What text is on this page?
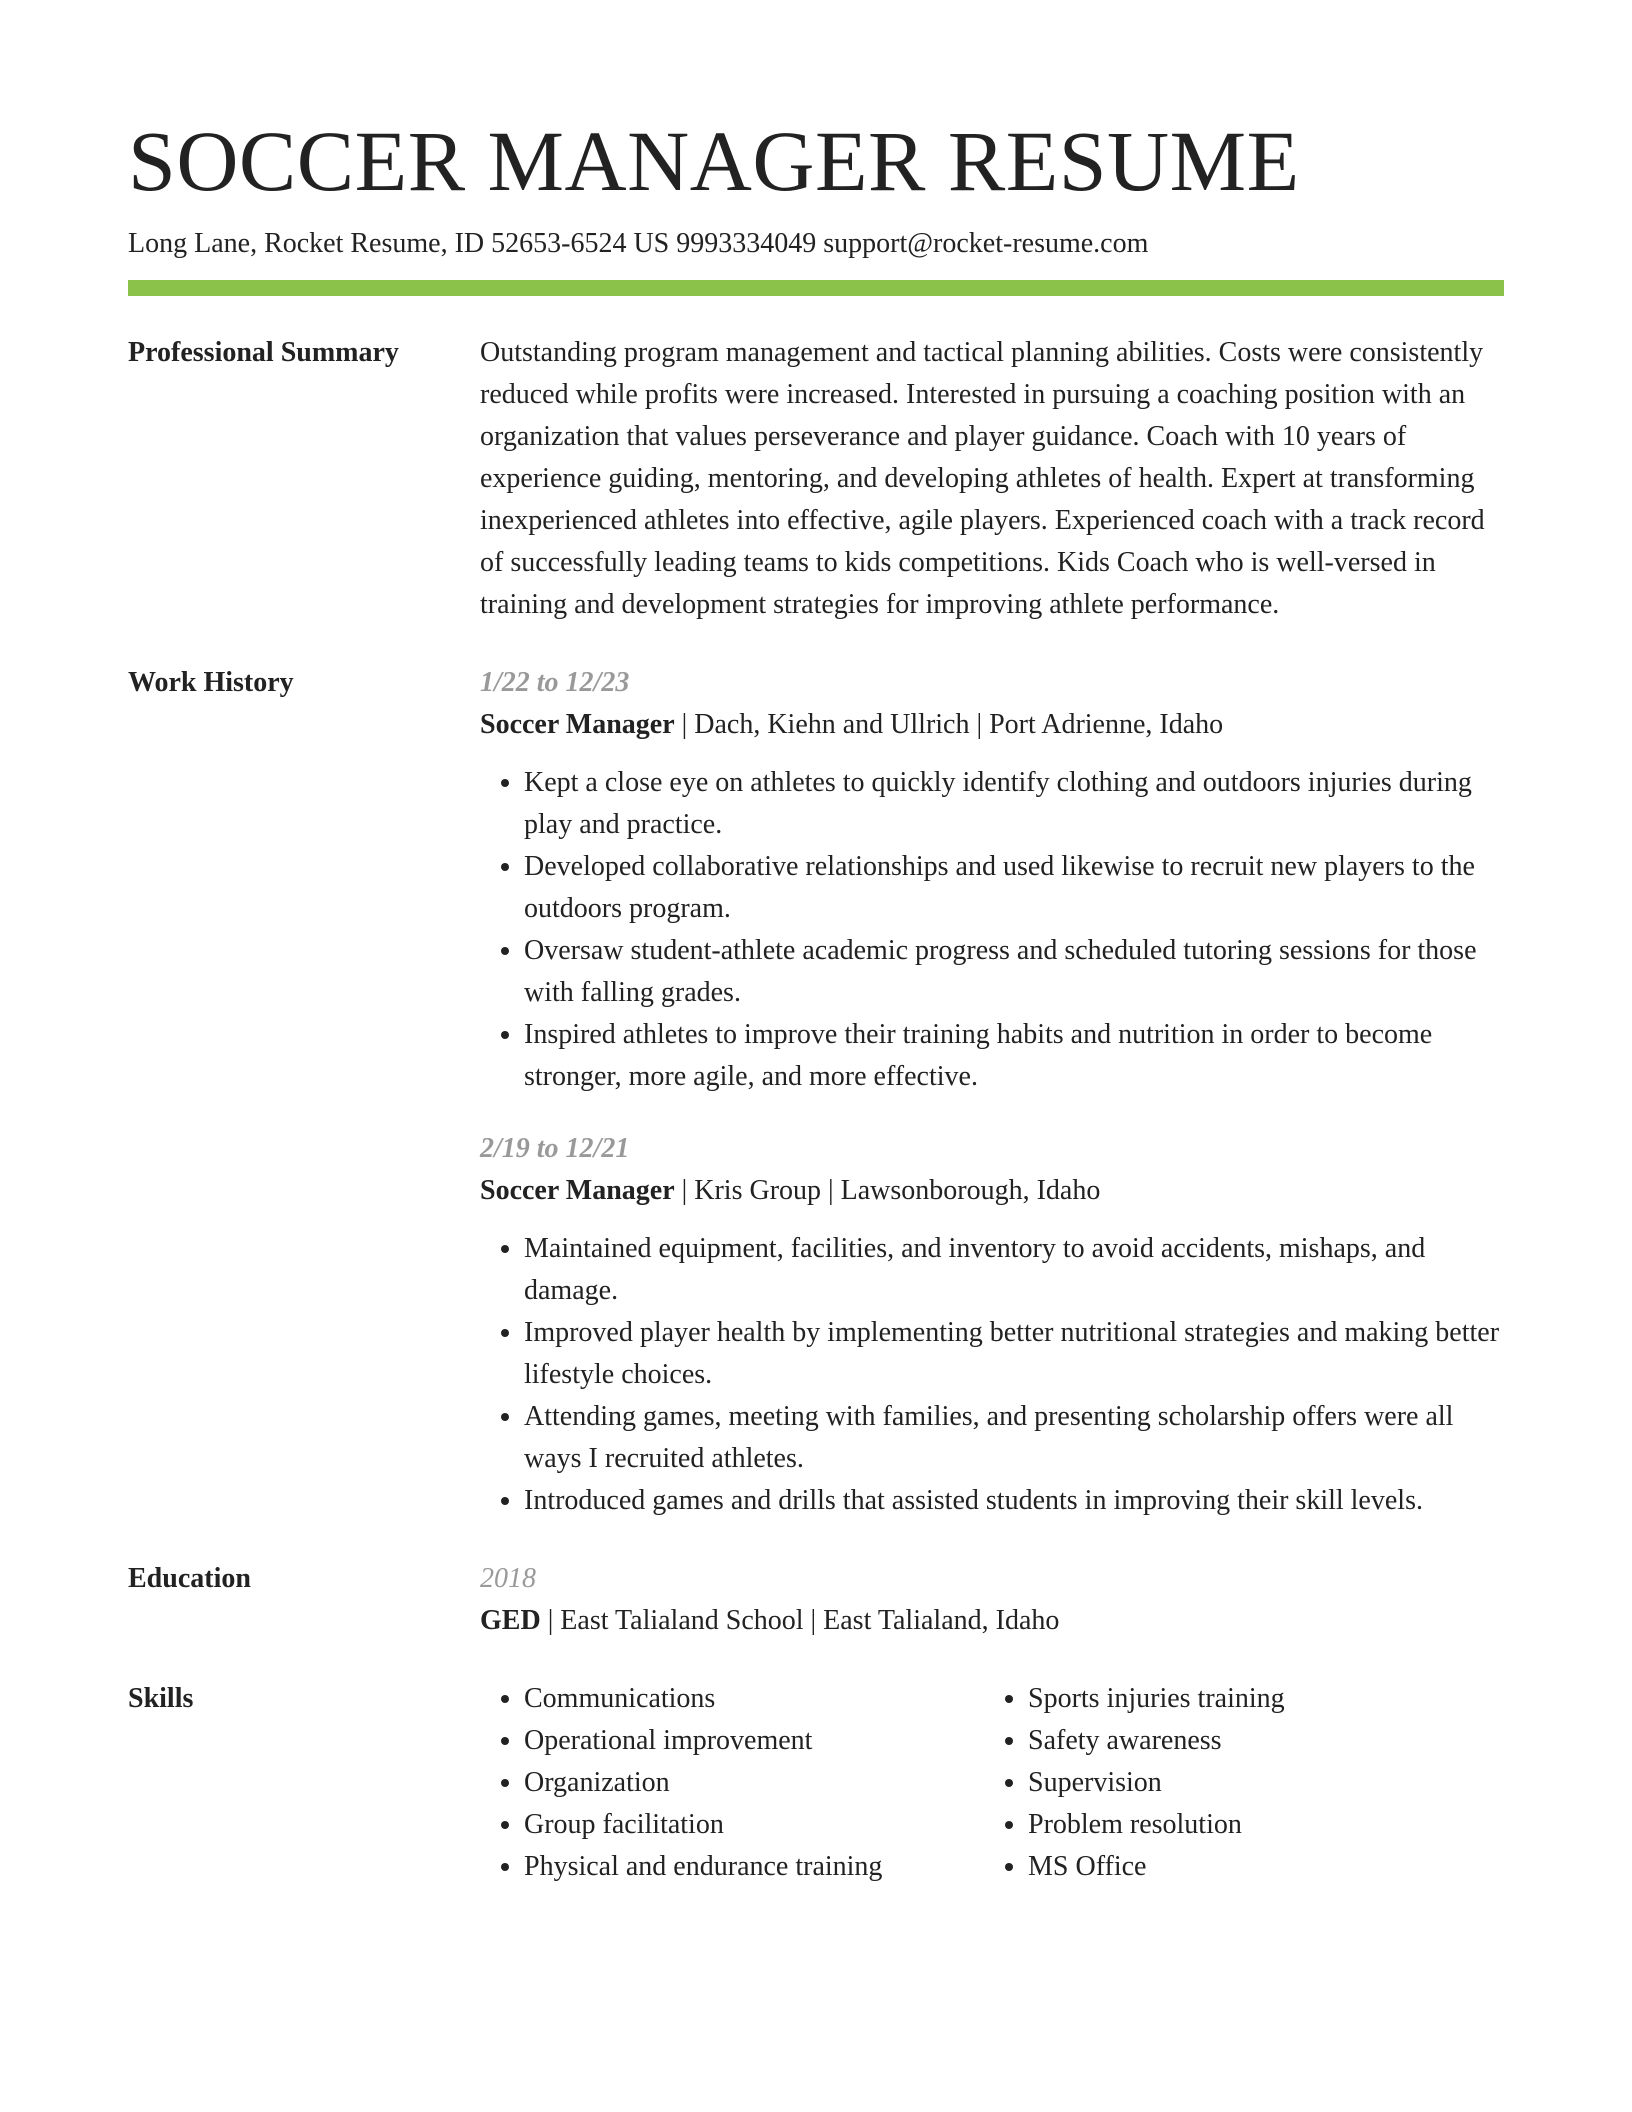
SOCCER MANAGER RESUME
Long Lane, Rocket Resume, ID 52653-6524 US 9993334049 support@rocket-resume.com
Professional Summary	Outstanding program management and tactical planning abilities. Costs were consistently reduced while profits were increased. Interested in pursuing a coaching position with an organization that values perseverance and player guidance. Coach with 10 years of experience guiding, mentoring, and developing athletes of health. Expert at transforming inexperienced athletes into effective, agile players. Experienced coach with a track record of successfully leading teams to kids competitions. Kids Coach who is well-versed in training and development strategies for improving athlete performance.

Work History	1/22 to 12/23
Soccer Manager | Dach, Kiehn and Ullrich | Port Adrienne, Idaho
• Kept a close eye on athletes to quickly identify clothing and outdoors injuries during play and practice.
• Developed collaborative relationships and used likewise to recruit new players to the outdoors program.
• Oversaw student-athlete academic progress and scheduled tutoring sessions for those with falling grades.
• Inspired athletes to improve their training habits and nutrition in order to become stronger, more agile, and more effective.
2/19 to 12/21
Soccer Manager | Kris Group | Lawsonborough, Idaho
• Maintained equipment, facilities, and inventory to avoid accidents, mishaps, and damage.
• Improved player health by implementing better nutritional strategies and making better lifestyle choices.
• Attending games, meeting with families, and presenting scholarship offers were all ways I recruited athletes.
• Introduced games and drills that assisted students in improving their skill levels.
Education	2018
GED | East Talialand School | East Talialand, Idaho
Skills
•	Communications
• Operational improvement
• Organization
• Group facilitation
• Physical and endurance training
• Sports injuries training
• Safety awareness
• Supervision
• Problem resolution
• MS Office
